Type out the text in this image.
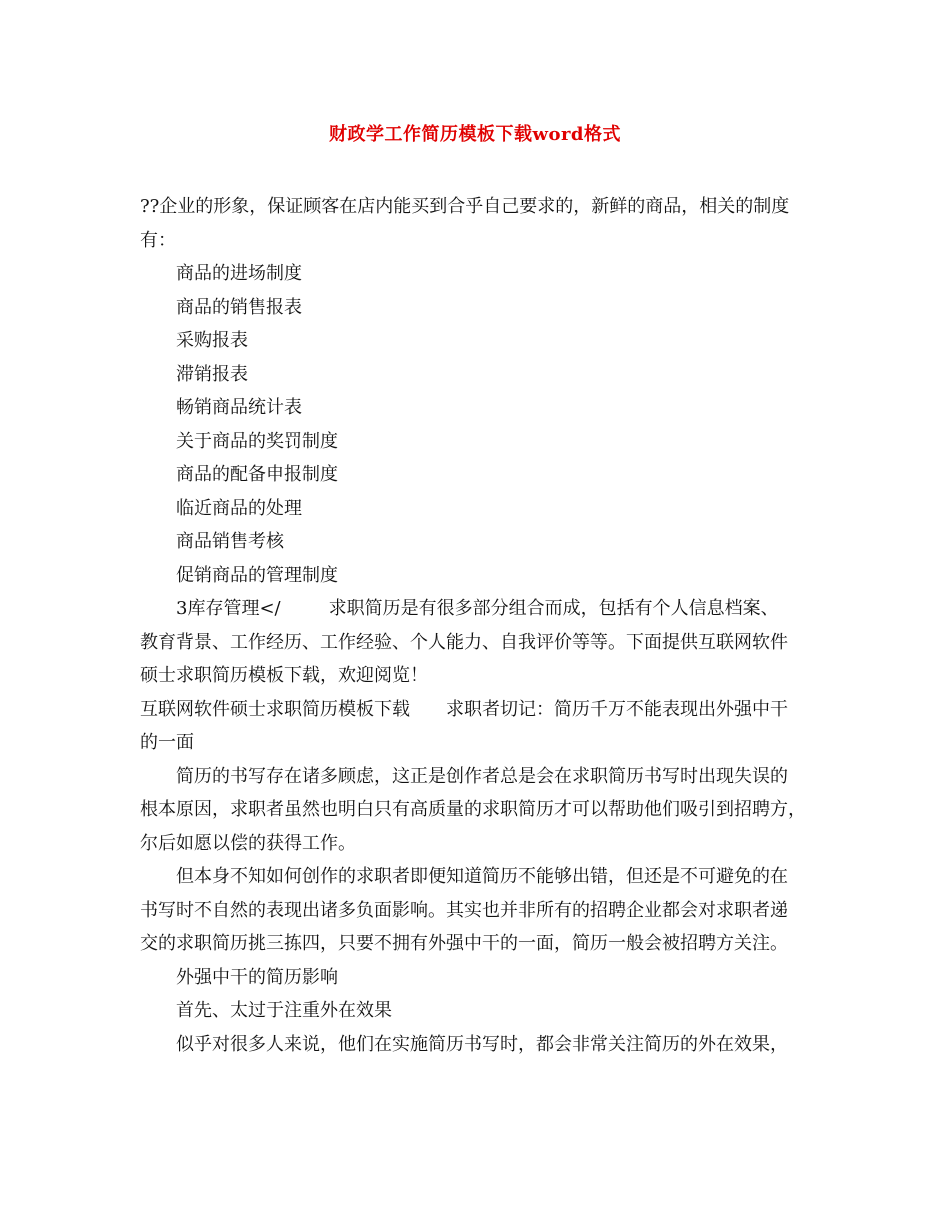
财政学工作简历模板下载word格式

??企业的形象，保证顾客在店内能买到合乎自己要求的，新鲜的商品，相关的制度

有：

商品的进场制度

商品的销售报表

采购报表

滞销报表

畅销商品统计表

关于商品的奖罚制度

商品的配备申报制度

临近商品的处理

商品销售考核

促销商品的管理制度

3库存管理</	求职简历是有很多部分组合而成，包括有个人信息档案、

教育背景、工作经历、工作经验、个人能力、自我评价等等。下面提供互联网软件

硕士求职简历模板下载，欢迎阅览！

互联网软件硕士求职简历模板下载 求职者切记：简历千万不能表现出外强中干

的一面

简历的书写存在诸多顾虑，这正是创作者总是会在求职简历书写时出现失误的

根本原因，求职者虽然也明白只有高质量的求职简历才可以帮助他们吸引到招聘方，

尔后如愿以偿的获得工作。

但本身不知如何创作的求职者即便知道简历不能够出错，但还是不可避免的在

书写时不自然的表现出诸多负面影响。其实也并非所有的招聘企业都会对求职者递

交的求职简历挑三拣四，只要不拥有外强中干的一面，简历一般会被招聘方关注。

外强中干的简历影响

首先、太过于注重外在效果

似乎对很多人来说，他们在实施简历书写时，都会非常关注简历的外在效果，
